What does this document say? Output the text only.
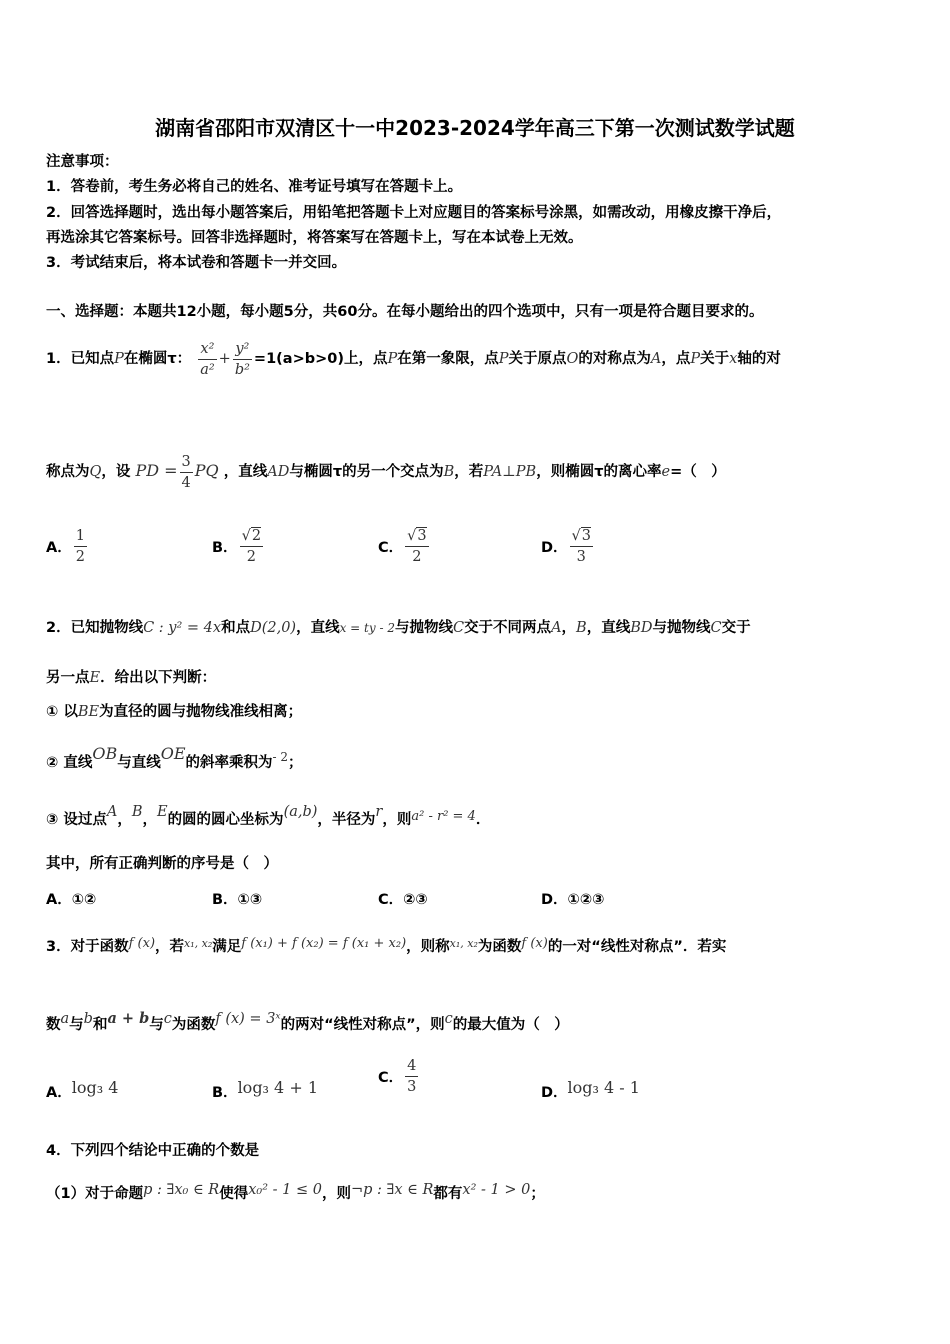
湖南省邵阳市双清区十一中2023-2024学年高三下第一次测试数学试题
注意事项：
1．答卷前，考生务必将自己的姓名、准考证号填写在答题卡上。
2．回答选择题时，选出每小题答案后，用铅笔把答题卡上对应题目的答案标号涂黑，如需改动，用橡皮擦干净后，
再选涂其它答案标号。回答非选择题时，将答案写在答题卡上，写在本试卷上无效。
3．考试结束后，将本试卷和答题卡一并交回。
一、选择题：本题共12小题，每小题5分，共60分。在每小题给出的四个选项中，只有一项是符合题目要求的。
1．已知点P在椭圆τ： $\frac{\text{x²}}{\text{a²}} + \frac{\text{y²}}{\text{b²}} =1(a>b>0)$上，点P在第一象限，点P关于原点O的对称点为A，点P关于x轴的对
称点为Q，设 PD = $\frac{3}{4}$ PQ ，直线AD与椭圆τ的另一个交点为B，若PA⊥PB，则椭圆τ的离心率e=（　）
A． $\frac{1}{2}$	B． $\frac{√2}{2}$	C． $\frac{√3}{2}$	D． $\frac{√3}{3}$
2．已知抛物线C : y² = 4x和点D(2,0)，直线x = ty - 2与抛物线C交于不同两点A，B，直线BD与抛物线C交于
另一点E．给出以下判断：
① 以BE为直径的圆与抛物线准线相离；
② 直线OB与直线OE的斜率乘积为$^{- 2}$；
③ 设过点A，B，E的圆的圆心坐标为(a,b)，半径为r，则a² - r² = 4．
其中，所有正确判断的序号是（　）
A．①②	B．①③	C．②③	D．①②③
3．对于函数f (x)，若$^{x_1, x_2}$满足f (x₁) + f (x₂) = f (x₁ + x₂)，则称$^{x_1, x_2}$为函数f (x)的一对“线性对称点”．若实
数a与b和a + b与c为函数f (x) = 3ˣ的两对“线性对称点”，则c的最大值为（　）
A．log₃ 4	B．log₃ 4 + 1	C． $\frac{4}{3}$	D．log₃ 4 - 1
4．下列四个结论中正确的个数是
（1）对于命题p : ∃x₀ ∈ R使得x₀² - 1 ≤ 0，则¬p : ∃x ∈ R都有x² - 1 > 0；
